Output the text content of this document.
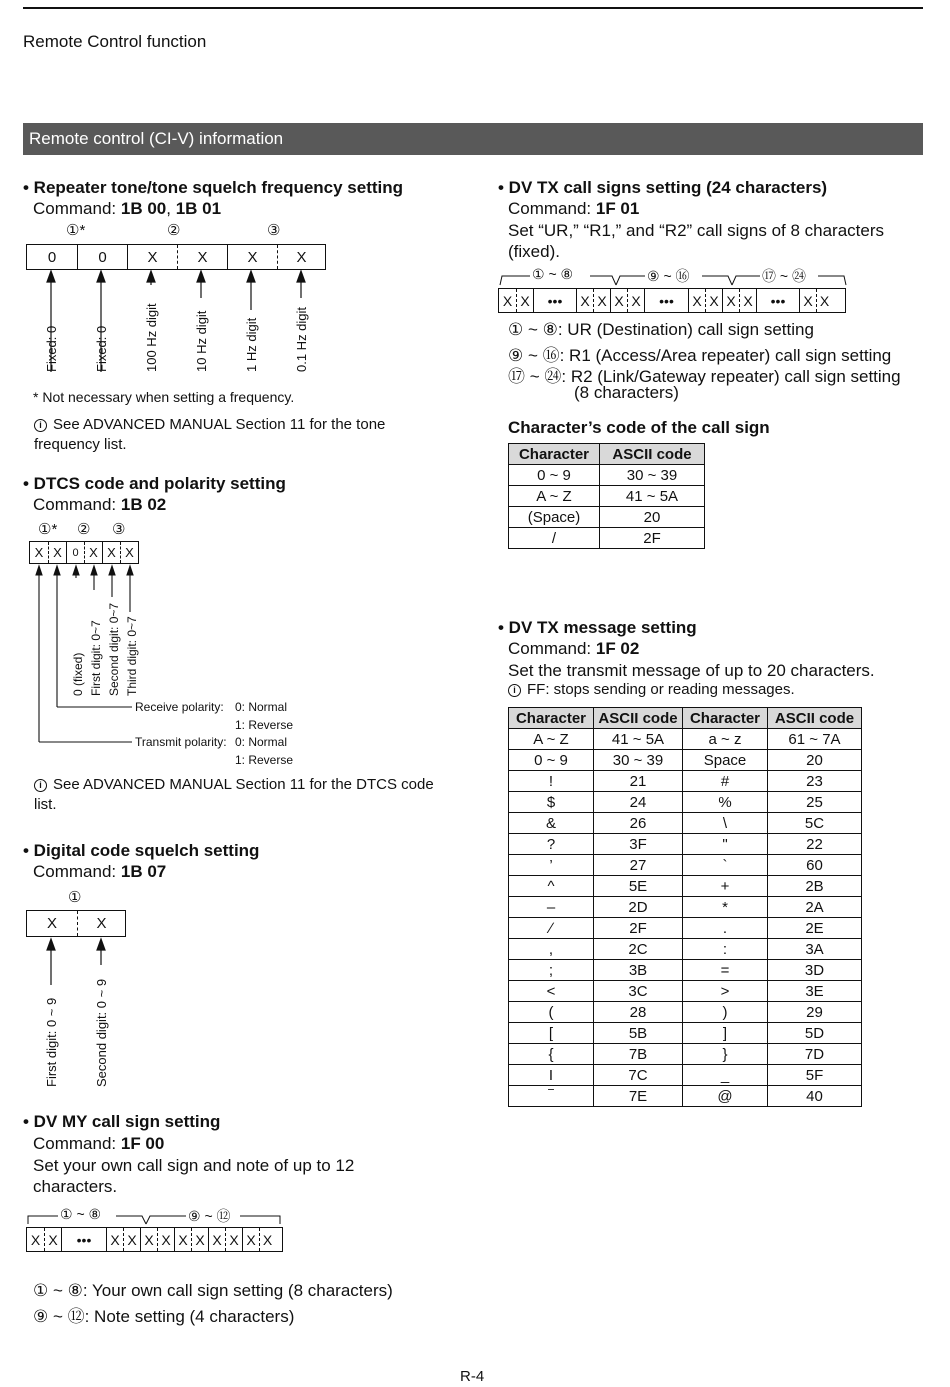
Remote Control function
Remote control (CI-V) information
• Repeater tone/tone squelch frequency setting
Command: 1B 00, 1B 01
①*	②	③
0	0	X	X	X	X
Fixed: 0	Fixed: 0	100 Hz digit	10 Hz digit	1 Hz digit	0.1 Hz digit
* Not necessary when setting a frequency.
i See ADVANCED MANUAL Section 11 for the tone frequency list.
• DTCS code and polarity setting
Command: 1B 02
①* ② ③
X X 0 X X X
0 (fixed) First digit: 0~7 Second digit: 0~7 Third digit: 0~7
Receive polarity: 0: Normal
1: Reverse
Transmit polarity: 0: Normal
1: Reverse
i See ADVANCED MANUAL Section 11 for the DTCS code list.
• Digital code squelch setting
Command: 1B 07
①
X	X
First digit: 0 ~ 9	Second digit: 0 ~ 9
• DV MY call sign setting
Command: 1F 00
Set your own call sign and note of up to 12 characters.
① ~ ⑧	⑨ ~ ⑫
X X	•••	X X X X X X X X X X
① ~ ⑧: Your own call sign setting (8 characters)
⑨ ~ ⑫: Note setting (4 characters)
• DV TX call signs setting (24 characters)
Command: 1F 01
Set “UR,” “R1,” and “R2” call signs of 8 characters (fixed).
① ~ ⑧	⑨ ~ ⑯	⑰ ~ ㉔
X X	•••	X X X X	•••	X X X X	•••	X X
① ~ ⑧: UR (Destination) call sign setting
⑨ ~ ⑯: R1 (Access/Area repeater) call sign setting
⑰ ~ ㉔: R2 (Link/Gateway repeater) call sign setting
(8 characters)
Character’s code of the call sign
Character	ASCII code
0 ~ 9	30 ~ 39
A ~ Z	41 ~ 5A
(Space)	20
/	2F
• DV TX message setting
Command: 1F 02
Set the transmit message of up to 20 characters.
i FF: stops sending or reading messages.
Character	ASCII code	Character	ASCII code
A ~ Z	41 ~ 5A	a ~ z	61 ~ 7A
0 ~ 9	30 ~ 39	Space	20
!	21	#	23
$	24	%	25
&	26	\	5C
?	3F	"	22
’	27	`	60
^	5E	+	2B
–	2D	*	2A
∕	2F	.	2E
,	2C	:	3A
;	3B	=	3D
<	3C	>	3E
(	28	)	29
[	5B	]	5D
{	7B	}	7D
I	7C	_	5F
‾	7E	@	40
R-4
